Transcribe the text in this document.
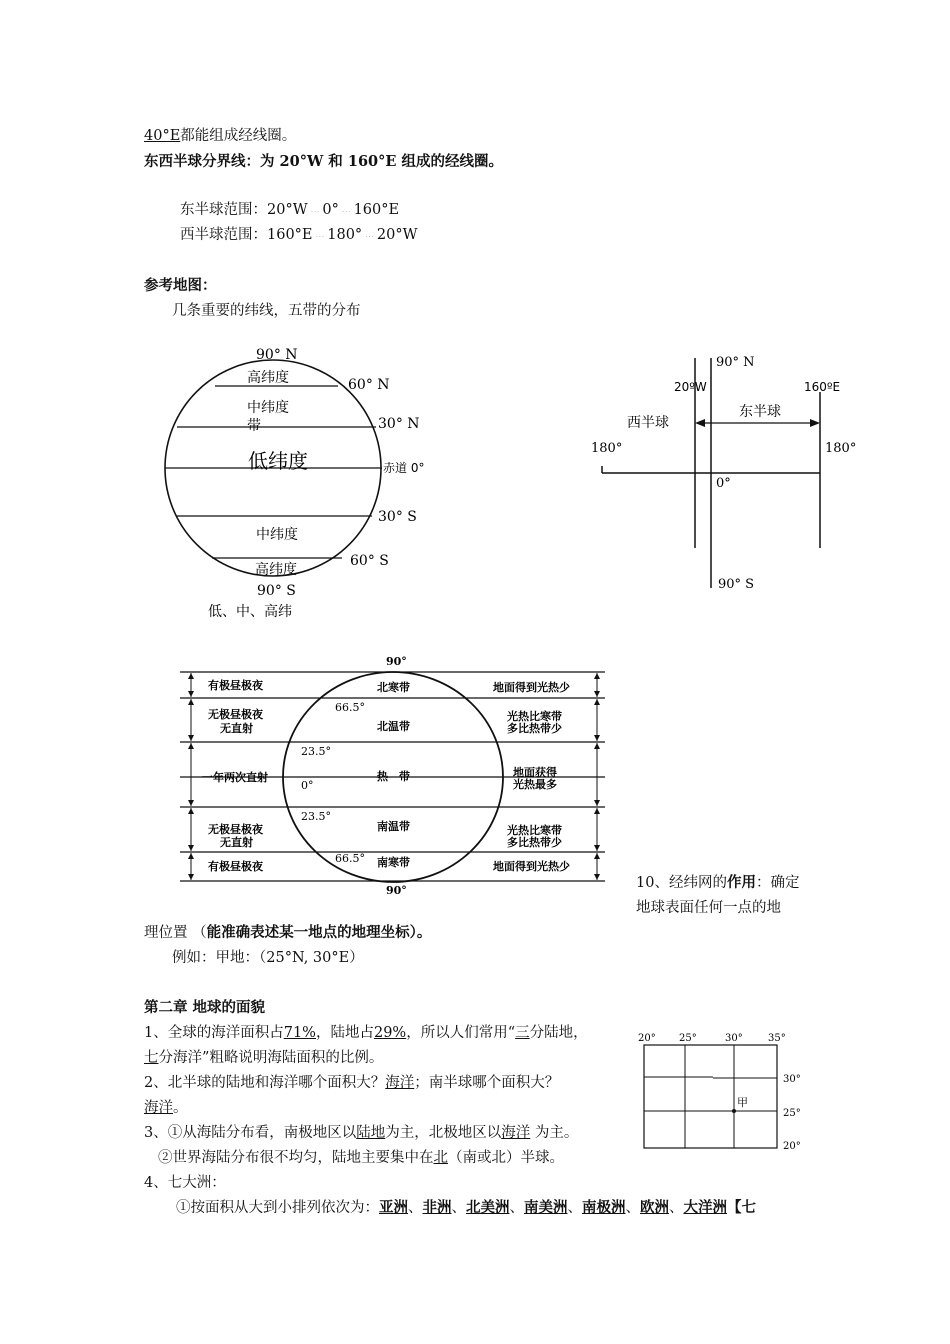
40°E都能组成经线圈。
东西半球分界线：为 20°W 和 160°E 组成的经线圈。
东半球范围：20°W ⋯ 0° ⋯ 160°E
西半球范围：160°E ⋯ 180° ⋯ 20°W
参考地图：
几条重要的纬线，五带的分布
90° N
高纬度	60° N
中纬度
带	30° N
低纬度	赤道 0°
30° S
中纬度
60° S
高纬度
90° S
低、中、高纬
90° N
20ºW	160ºE
西半球
东半球
180°	180°
0°
90° S
90°
90°
有极昼极夜
无极昼极夜
无直射
一年两次直射
无极昼极夜
无直射
有极昼极夜
北寒带
北温带
热　带
南温带
南寒带
地面得到光热少
光热比寒带
多比热带少
地面获得
光热最多
光热比寒带
多比热带少
地面得到光热少
66.5°
23.5°
0°
23.5°
66.5°
10、经纬网的作用：确定
地球表面任何一点的地
理位置 （能准确表述某一地点的地理坐标）。
例如：甲地：（25°N, 30°E）
第二章 地球的面貌
1、全球的海洋面积占71%，陆地占29%，所以人们常用“三分陆地，
七分海洋”粗略说明海陆面积的比例。
2、北半球的陆地和海洋哪个面积大？海洋；南半球哪个面积大？
海洋。
3、①从海陆分布看，南极地区以陆地为主，北极地区以海洋 为主。
②世界海陆分布很不均匀，陆地主要集中在北（南或北）半球。
4、七大洲：
①按面积从大到小排列依次为：亚洲、非洲、北美洲、南美洲、南极洲、欧洲、大洋洲【七
20° 25°	30°	35°
30°
25°
20°
甲
